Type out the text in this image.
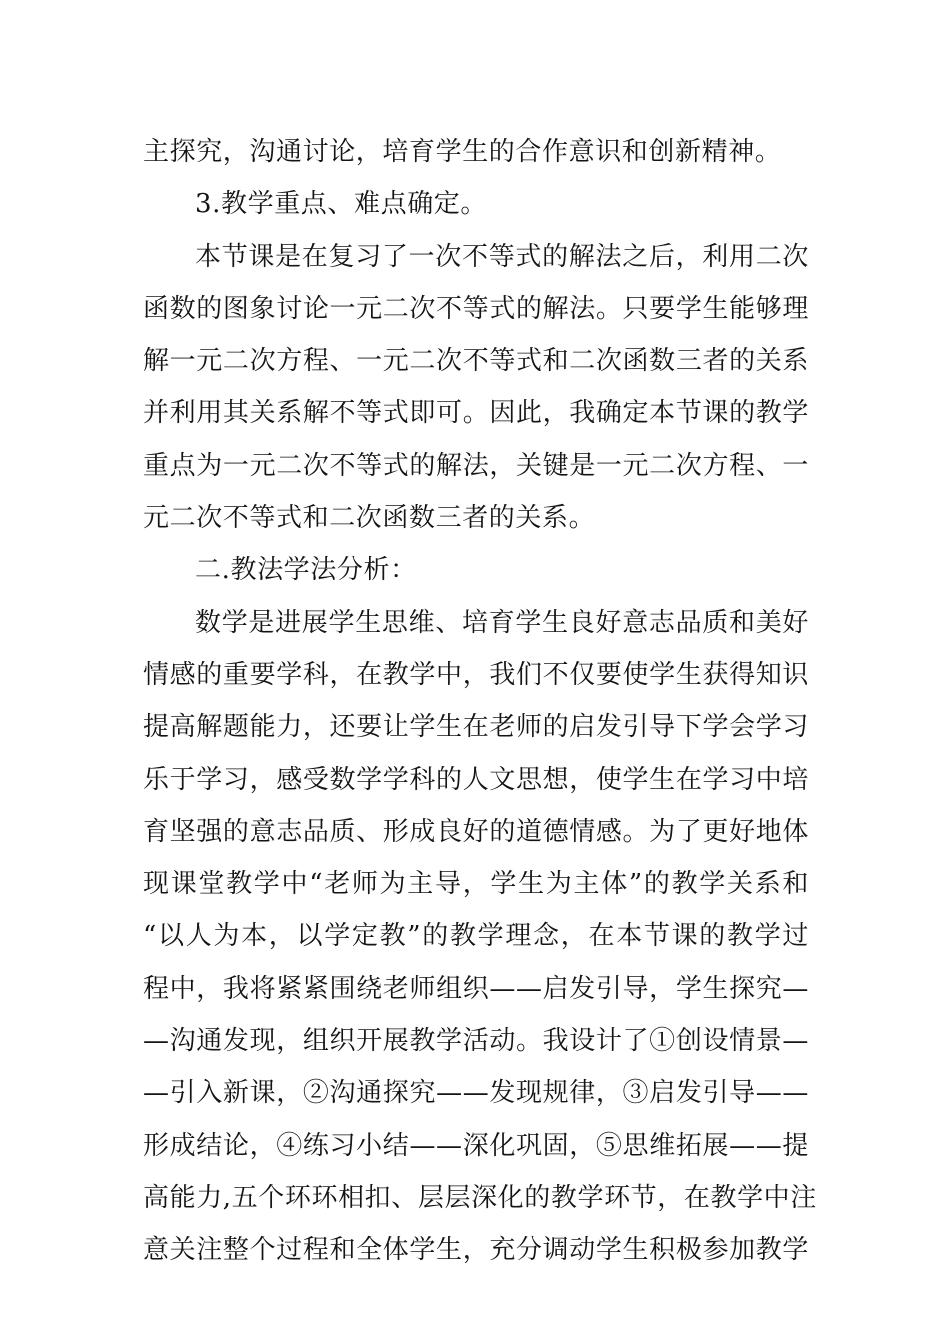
主探究，沟通讨论，培育学生的合作意识和创新精神。
3.教学重点、难点确定。
本节课是在复习了一次不等式的解法之后，利用二次
函数的图象讨论一元二次不等式的解法。只要学生能够理
解一元二次方程、一元二次不等式和二次函数三者的关系
并利用其关系解不等式即可。因此，我确定本节课的教学
重点为一元二次不等式的解法，关键是一元二次方程、一
元二次不等式和二次函数三者的关系。
二.教法学法分析：
数学是进展学生思维、培育学生良好意志品质和美好
情感的重要学科，在教学中，我们不仅要使学生获得知识
提高解题能力，还要让学生在老师的启发引导下学会学习
乐于学习，感受数学学科的人文思想，使学生在学习中培
育坚强的意志品质、形成良好的道德情感。为了更好地体
现课堂教学中“老师为主导，学生为主体”的教学关系和
“以人为本，以学定教”的教学理念，在本节课的教学过
程中，我将紧紧围绕老师组织——启发引导，学生探究—
—沟通发现，组织开展教学活动。我设计了①创设情景—
—引入新课，②沟通探究——发现规律，③启发引导——
形成结论，④练习小结——深化巩固，⑤思维拓展——提
高能力,五个环环相扣、层层深化的教学环节，在教学中注
意关注整个过程和全体学生，充分调动学生积极参加教学
